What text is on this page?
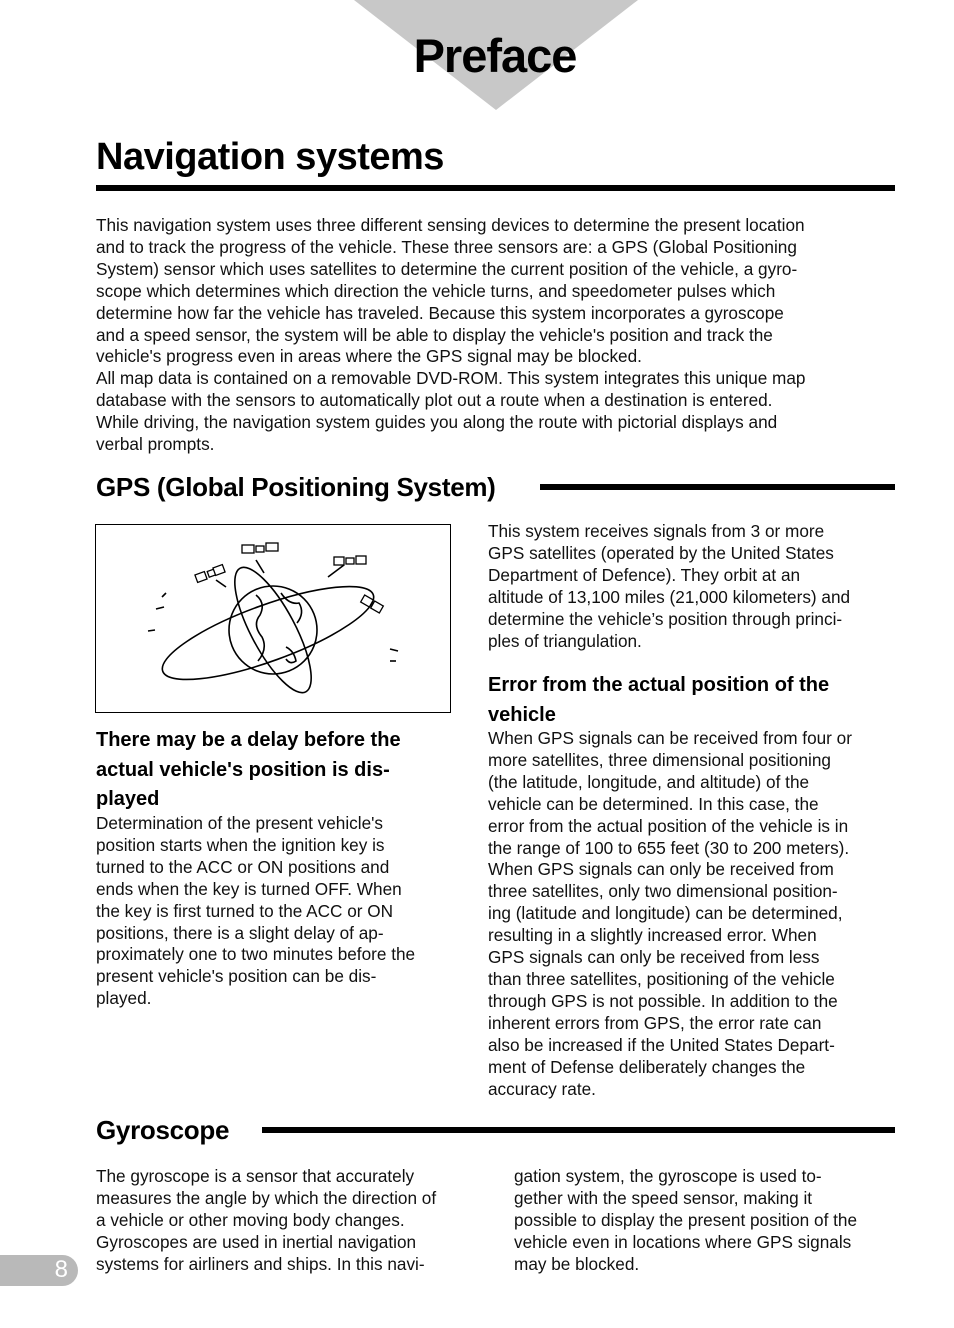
Preface
Navigation systems
This navigation system uses three different sensing devices to determine the present location
and to track the progress of the vehicle. These three sensors are: a GPS (Global Positioning
System) sensor which uses satellites to determine the current position of the vehicle, a gyro-
scope which determines which direction the vehicle turns, and speedometer pulses which
determine how far the vehicle has traveled. Because this system incorporates a gyroscope
and a speed sensor, the system will be able to display the vehicle's position and track the
vehicle's progress even in areas where the GPS signal may be blocked.
All map data is contained on a removable DVD-ROM. This system integrates this unique map
database with the sensors to automatically plot out a route when a destination is entered.
While driving, the navigation system guides you along the route with pictorial displays and
verbal prompts.
GPS (Global Positioning System)
There may be a delay before the
actual vehicle's position is dis-
played
Determination of the present vehicle's
position starts when the ignition key is
turned to the ACC or ON positions and
ends when the key is turned OFF. When
the key is first turned to the ACC or ON
positions, there is a slight delay of ap-
proximately one to two minutes before the
present vehicle's position can be dis-
played.
This system receives signals from 3 or more
GPS satellites (operated by the United States
Department of Defence). They orbit at an
altitude of 13,100 miles (21,000 kilometers) and
determine the vehicle’s position through princi-
ples of triangulation.
Error from the actual position of the
vehicle
When GPS signals can be received from four or
more satellites, three dimensional positioning
(the latitude, longitude, and altitude) of the
vehicle can be determined. In this case, the
error from the actual position of the vehicle is in
the range of 100 to 655 feet (30 to 200 meters).
When GPS signals can only be received from
three satellites, only two dimensional position-
ing (latitude and longitude) can be determined,
resulting in a slightly increased error. When
GPS signals can only be received from less
than three satellites, positioning of the vehicle
through GPS is not possible. In addition to the
inherent errors from GPS, the error rate can
also be increased if the United States Depart-
ment of Defense deliberately changes the
accuracy rate.
Gyroscope
The gyroscope is a sensor that accurately
measures the angle by which the direction of
a vehicle or other moving body changes.
Gyroscopes are used in inertial navigation
systems for airliners and ships. In this navi-
gation system, the gyroscope is used to-
gether with the speed sensor, making it
possible to display the present position of the
vehicle even in locations where GPS signals
may be blocked.
8
